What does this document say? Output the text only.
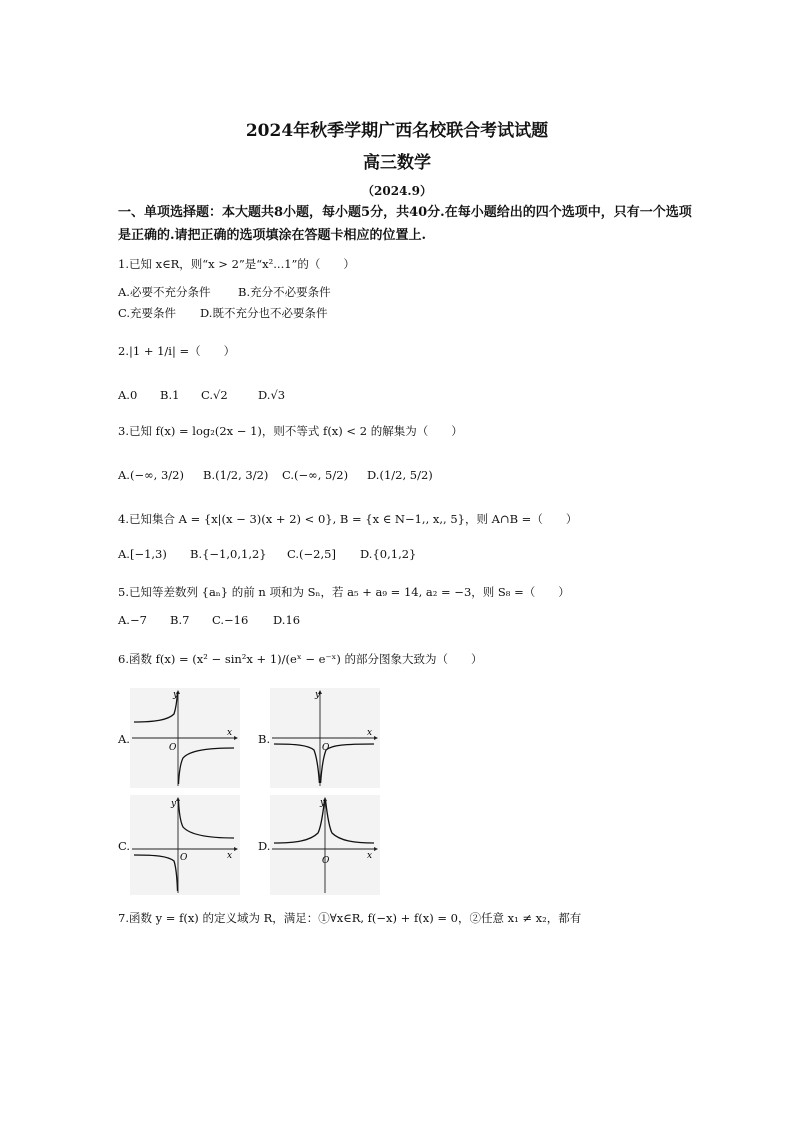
2024年秋季学期广西名校联合考试试题
高三数学
（2024.9）
一、单项选择题：本大题共8小题，每小题5分，共40分.在每小题给出的四个选项中，只有一个选项是正确的.请把正确的选项填涂在答题卡相应的位置上.
1.已知 x∈R，则“x > 2”是“x²...1”的（　　）
A.必要不充分条件 B.充分不必要条件
C.充要条件 D.既不充分也不必要条件
2.|1 + 1/i| =（　　）
A.0 B.1 C.√2	D.√3
3.已知 f(x) = log₂(2x − 1)，则不等式 f(x) < 2 的解集为（　　）
A.(−∞, 3/2) B.(1/2, 3/2) C.(−∞, 5/2) D.(1/2, 5/2)
4.已知集合 A = {x|(x − 3)(x + 2) < 0}, B = {x ∈ N−1,, x,, 5}，则 A∩B =（　　）
A.[−1,3) B.{−1,0,1,2} C.(−2,5] D.{0,1,2}
5.已知等差数列 {aₙ} 的前 n 项和为 Sₙ，若 a₅ + a₉ = 14, a₂ = −3，则 S₈ =（　　）
A.−7 B.7 C.−16 D.16
6.函数 f(x) = (x² − sin²x + 1)/(eˣ − e⁻ˣ) 的部分图象大致为（　　）
A.	B.
C.	D.
y
x
O
y
x
O
y
x
O
y
x
O
7.函数 y = f(x) 的定义域为 R，满足：①∀x∈R, f(−x) + f(x) = 0，②任意 x₁ ≠ x₂，都有
